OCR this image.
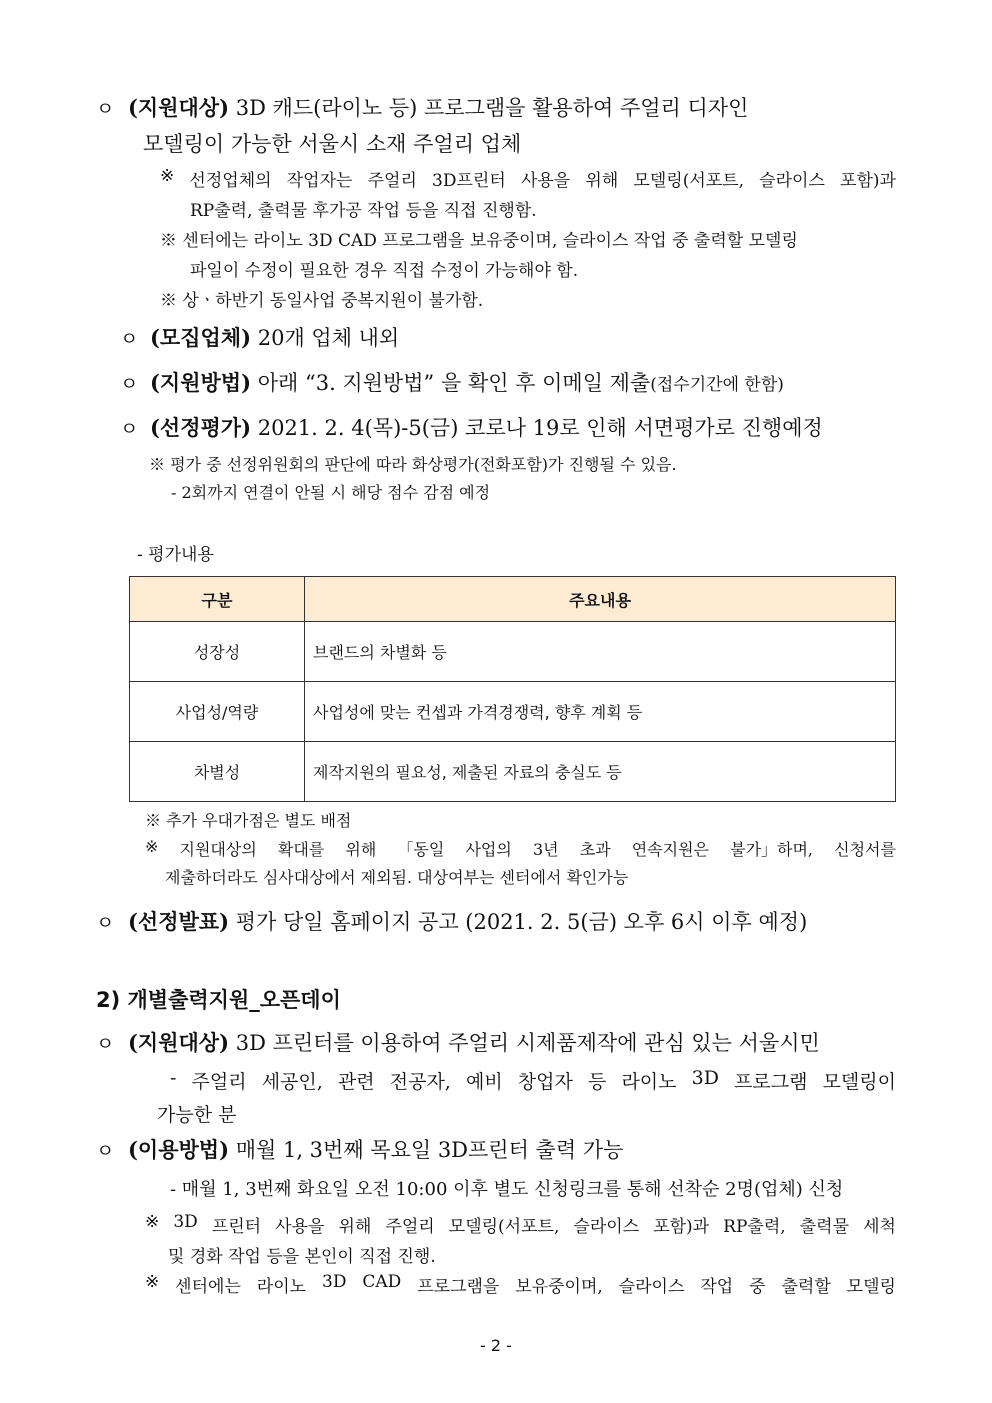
ㅇ (지원대상) 3D 캐드(라이노 등) 프로그램을 활용하여 주얼리 디자인
모델링이 가능한 서울시 소재 주얼리 업체
※ 선정업체의 작업자는 주얼리 3D프린터 사용을 위해 모델링(서포트, 슬라이스 포함)과
RP출력, 출력물 후가공 작업 등을 직접 진행함.
※ 센터에는 라이노 3D CAD 프로그램을 보유중이며, 슬라이스 작업 중 출력할 모델링
파일이 수정이 필요한 경우 직접 수정이 가능해야 함.
※ 상ㆍ하반기 동일사업 중복지원이 불가함.
ㅇ (모집업체) 20개 업체 내외
ㅇ (지원방법) 아래 “3. 지원방법” 을 확인 후 이메일 제출(접수기간에 한함)
ㅇ (선정평가) 2021. 2. 4(목)-5(금) 코로나 19로 인해 서면평가로 진행예정
※ 평가 중 선정위원회의 판단에 따라 화상평가(전화포함)가 진행될 수 있음.
- 2회까지 연결이 안될 시 해당 점수 감점 예정
- 평가내용
구분	주요내용
성장성	브랜드의 차별화 등
사업성/역량	사업성에 맞는 컨셉과 가격경쟁력, 향후 계획 등
차별성	제작지원의 필요성, 제출된 자료의 충실도 등
※ 추가 우대가점은 별도 배점
※ 지원대상의 확대를 위해 「동일 사업의 3년 초과 연속지원은 불가」하며, 신청서를
제출하더라도 심사대상에서 제외됨. 대상여부는 센터에서 확인가능
ㅇ (선정발표) 평가 당일 홈페이지 공고 (2021. 2. 5(금) 오후 6시 이후 예정)
2) 개별출력지원_오픈데이
ㅇ (지원대상) 3D 프린터를 이용하여 주얼리 시제품제작에 관심 있는 서울시민
- 주얼리 세공인, 관련 전공자, 예비 창업자 등 라이노 3D 프로그램 모델링이
가능한 분
ㅇ (이용방법) 매월 1, 3번째 목요일 3D프린터 출력 가능
- 매월 1, 3번째 화요일 오전 10:00 이후 별도 신청링크를 통해 선착순 2명(업체) 신청
※ 3D 프린터 사용을 위해 주얼리 모델링(서포트, 슬라이스 포함)과 RP출력, 출력물 세척
및 경화 작업 등을 본인이 직접 진행.
※ 센터에는 라이노 3D CAD 프로그램을 보유중이며, 슬라이스 작업 중 출력할 모델링
- 2 -
